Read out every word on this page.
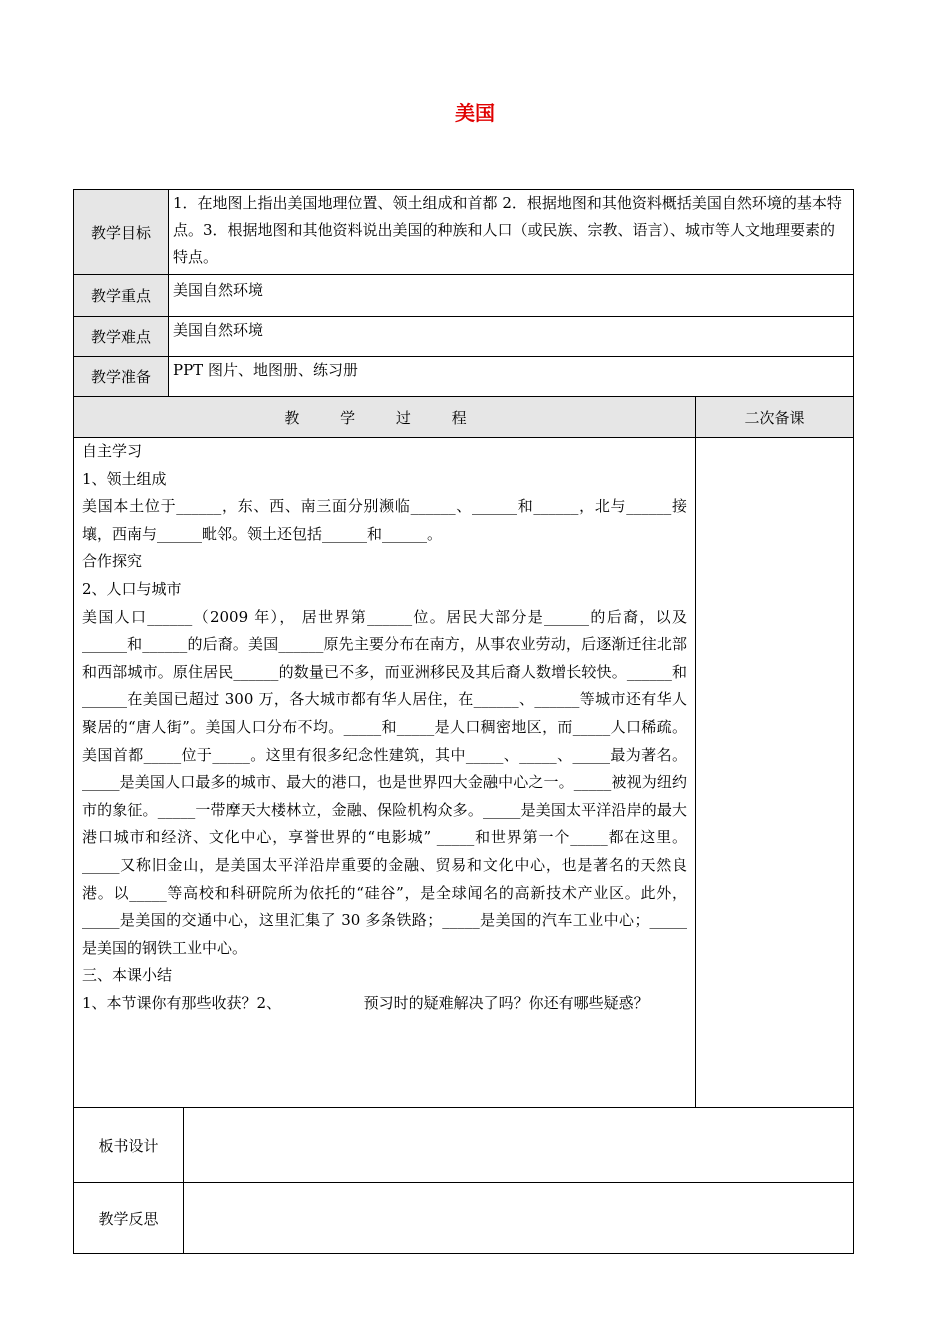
美国
教学目标
1．在地图上指出美国地理位置、领土组成和首都 2．根据地图和其他资料概括美国自然环境的基本特点。3．根据地图和其他资料说出美国的种族和人口（或民族、宗教、语言）、城市等人文地理要素的特点。
教学重点 美国自然环境
教学难点 美国自然环境
教学准备 PPT 图片、地图册、练习册
教 学 过 程	二次备课

自主学习

1、领土组成

美国本土位于______，东、西、南三面分别濒临______、______和______，北与______接壤，西南与______毗邻。领土还包括______和______。

合作探究

2、人口与城市

美国人口______（2009 年）， 居世界第______位。居民大部分是______的后裔，以及______和______的后裔。美国______原先主要分布在南方，从事农业劳动，后逐渐迁往北部和西部城市。原住居民______的数量已不多，而亚洲移民及其后裔人数增长较快。______和______在美国已超过 300 万，各大城市都有华人居住，在______、______等城市还有华人聚居的“唐人街”。美国人口分布不均。_____和_____是人口稠密地区，而_____人口稀疏。美国首都_____位于_____。这里有很多纪念性建筑，其中_____、_____、_____最为著名。_____是美国人口最多的城市、最大的港口，也是世界四大金融中心之一。_____被视为纽约市的象征。_____一带摩天大楼林立，金融、保险机构众多。_____是美国太平洋沿岸的最大港口城市和经济、文化中心，享誉世界的“电影城” _____和世界第一个_____都在这里。_____又称旧金山，是美国太平洋沿岸重要的金融、贸易和文化中心，也是著名的天然良港。以_____等高校和科研院所为依托的“硅谷”，是全球闻名的高新技术产业区。此外，_____是美国的交通中心，这里汇集了 30 多条铁路；_____是美国的汽车工业中心；_____是美国的钢铁工业中心。

三、本课小结

1、本节课你有那些收获？2、　　　　　　预习时的疑难解决了吗？你还有哪些疑惑？

板书设计
教学反思
